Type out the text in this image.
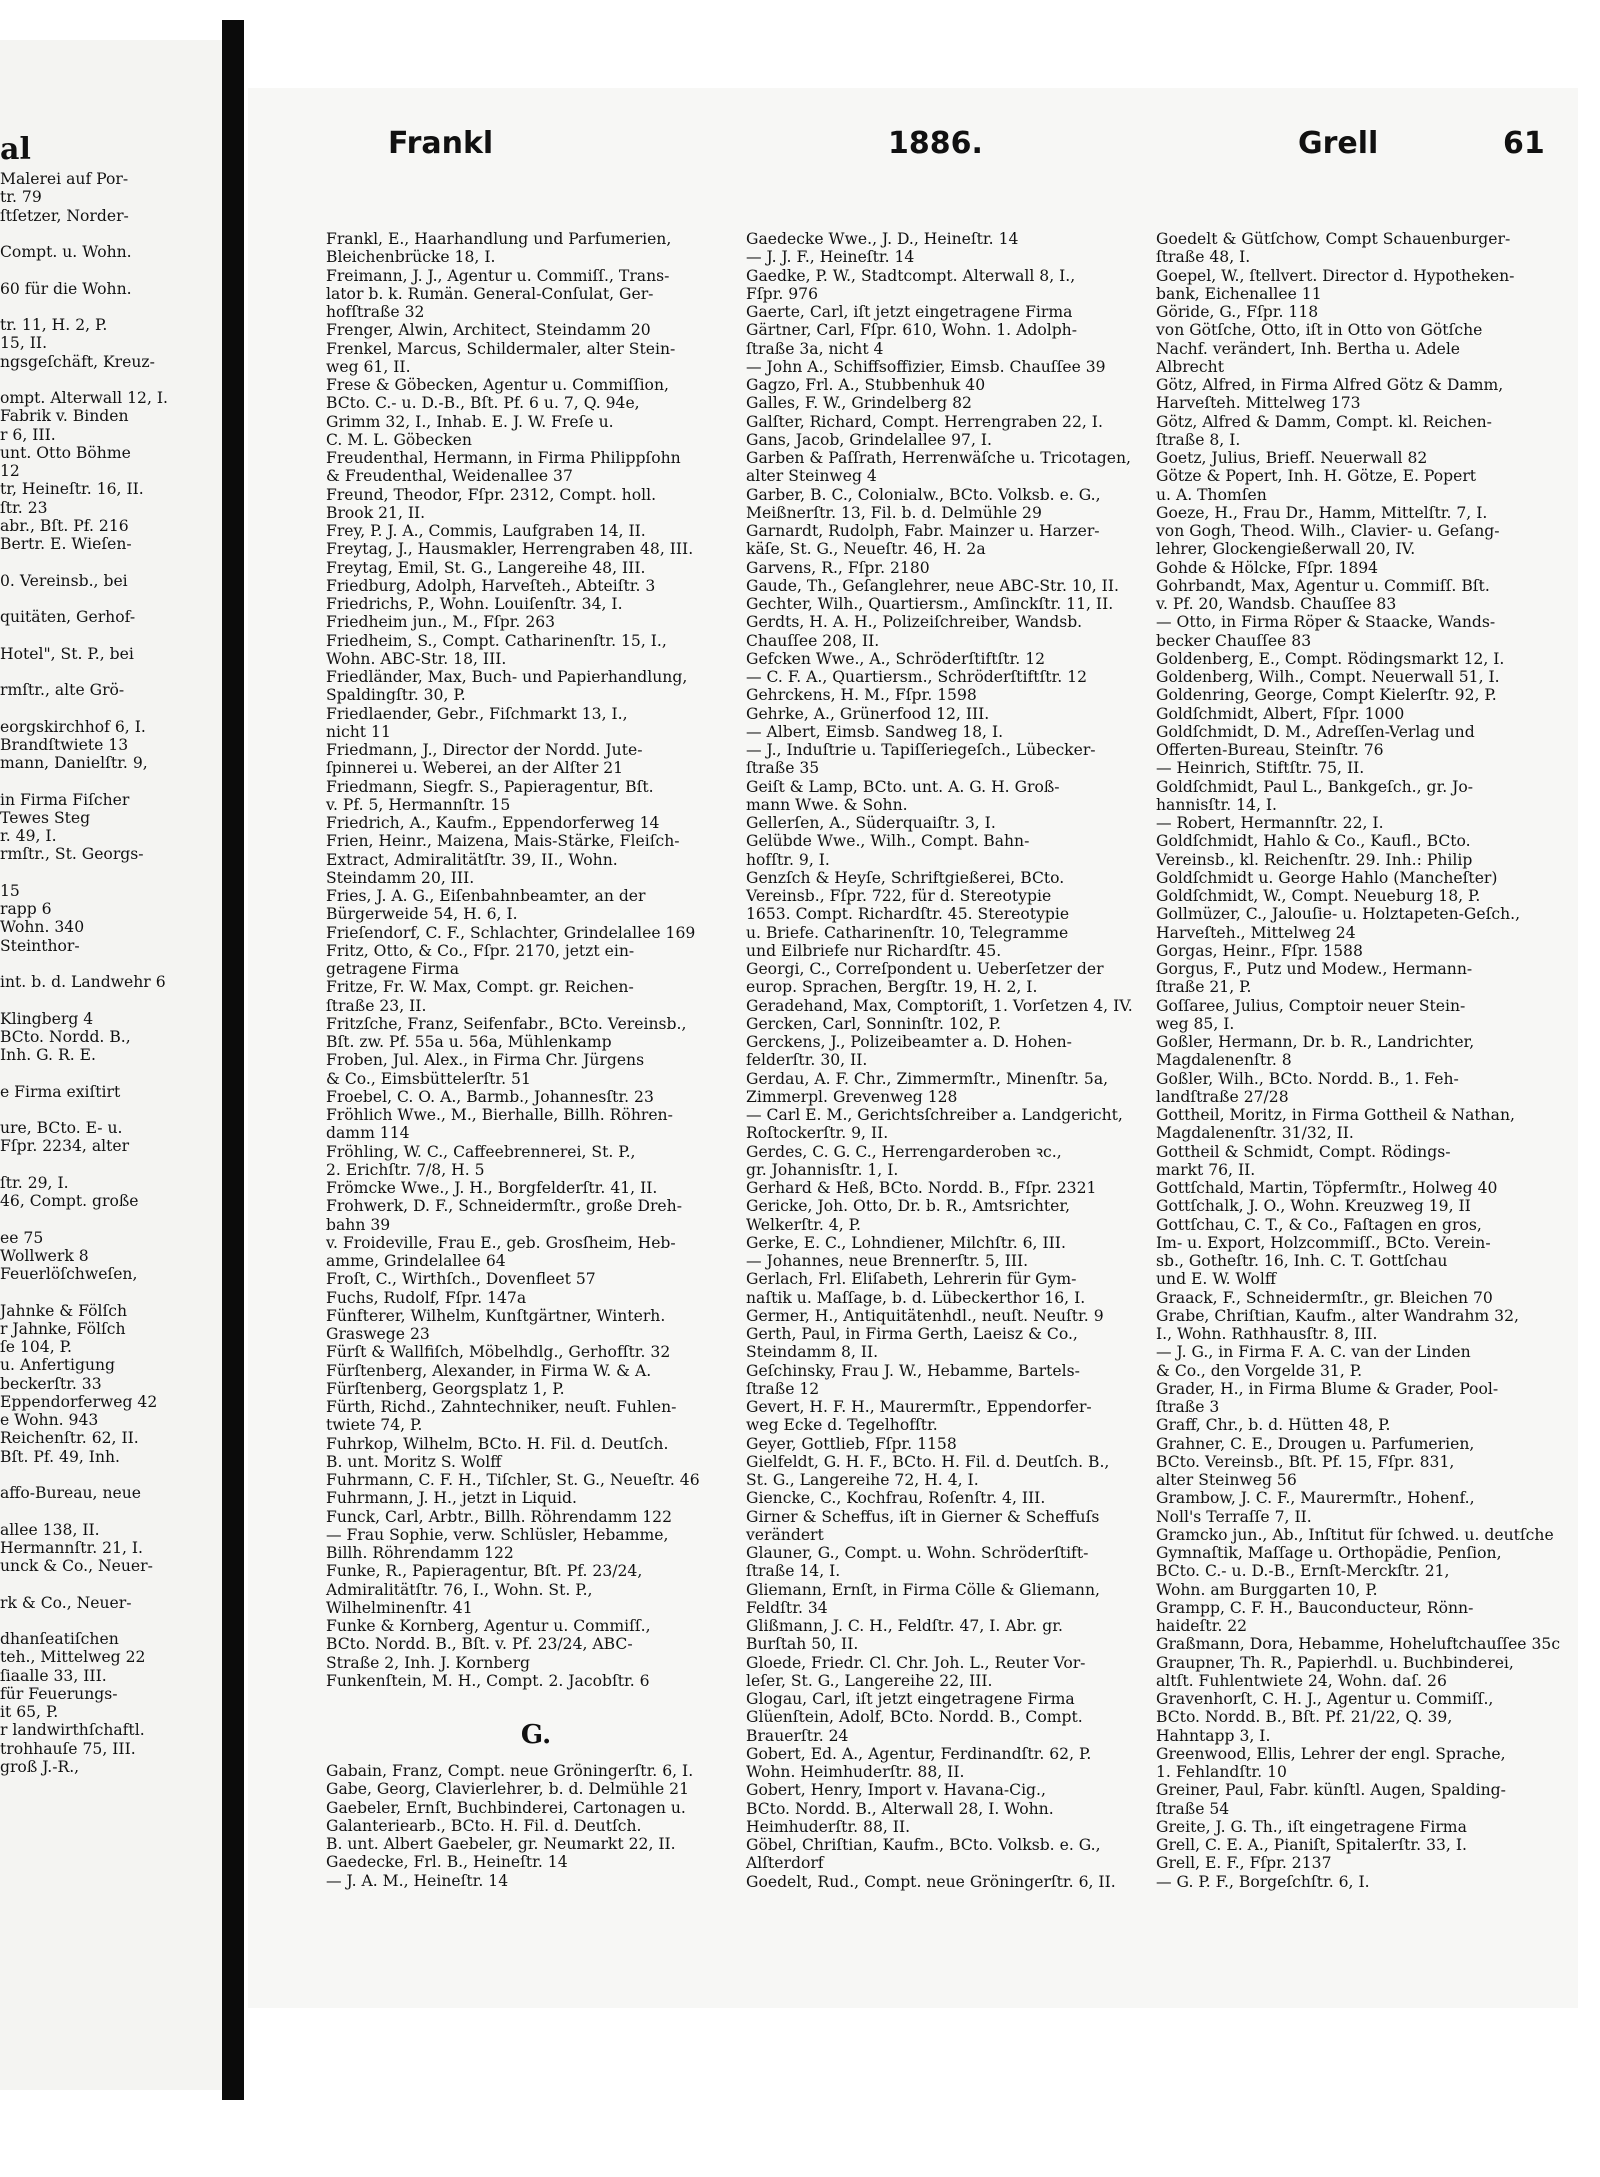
al
Malerei auf Por-
tr. 79
ſtſetzer, Norder-
Compt. u. Wohn.
60 für die Wohn.
tr. 11, H. 2, P.
15, II.
ngsgeſchäft, Kreuz-
ompt. Alterwall 12, I.
Fabrik v. Binden
r 6, III.
unt. Otto Böhme
12
tr, Heineſtr. 16, II.
ſtr. 23
abr., Bſt. Pf. 216
Bertr. E. Wieſen-
0. Vereinsb., bei
quitäten, Gerhof-
Hotel", St. P., bei
rmſtr., alte Grö-
eorgskirchhof 6, I.
Brandſtwiete 13
mann, Danielſtr. 9,
in Firma Fiſcher
Tewes Steg
r. 49, I.
rmſtr., St. Georgs-
15
rapp 6
Wohn. 340
Steinthor-
int. b. d. Landwehr 6
Klingberg 4
BCto. Nordd. B.,
Inh. G. R. E.
e Firma exiſtirt
ure, BCto. E- u.
Fſpr. 2234, alter
ſtr. 29, I.
46, Compt. große
ee 75
Wollwerk 8
Feuerlöſchweſen,
Jahnke & Fölſch
r Jahnke, Fölſch
ſe 104, P.
u. Anfertigung
beckerſtr. 33
Eppendorferweg 42
e Wohn. 943
Reichenſtr. 62, II.
Bſt. Pf. 49, Inh.
affo-Bureau, neue
allee 138, II.
Hermannſtr. 21, I.
unck & Co., Neuer-
rk & Co., Neuer-
dhanſeatiſchen
teh., Mittelweg 22
ſiaalle 33, III.
für Feuerungs-
it 65, P.
r landwirthſchaftl.
trohhauſe 75, III.
groß J.-R.,
Frankl	1886.	Grell	61
Frankl, E., Haarhandlung und Parfumerien,
Bleichenbrücke 18, I.
Freimann, J. J., Agentur u. Commiſſ., Trans-
lator b. k. Rumän. General-Conſulat, Ger-
hofſtraße 32
Frenger, Alwin, Architect, Steindamm 20
Frenkel, Marcus, Schildermaler, alter Stein-
weg 61, II.
Frese & Göbecken, Agentur u. Commiſſion,
BCto. C.- u. D.-B., Bſt. Pf. 6 u. 7, Q. 94e,
Grimm 32, I., Inhab. E. J. W. Freſe u.
C. M. L. Göbecken
Freudenthal, Hermann, in Firma Philippſohn
& Freudenthal, Weidenallee 37
Freund, Theodor, Fſpr. 2312, Compt. holl.
Brook 21, II.
Frey, P. J. A., Commis, Laufgraben 14, II.
Freytag, J., Hausmakler, Herrengraben 48, III.
Freytag, Emil, St. G., Langereihe 48, III.
Friedburg, Adolph, Harveſteh., Abteiſtr. 3
Friedrichs, P., Wohn. Louiſenſtr. 34, I.
Friedheim jun., M., Fſpr. 263
Friedheim, S., Compt. Catharinenſtr. 15, I.,
Wohn. ABC-Str. 18, III.
Friedländer, Max, Buch- und Papierhandlung,
Spaldingſtr. 30, P.
Friedlaender, Gebr., Fiſchmarkt 13, I.,
nicht 11
Friedmann, J., Director der Nordd. Jute-
ſpinnerei u. Weberei, an der Alſter 21
Friedmann, Siegfr. S., Papieragentur, Bſt.
v. Pf. 5, Hermannſtr. 15
Friedrich, A., Kaufm., Eppendorferweg 14
Frien, Heinr., Maizena, Mais-Stärke, Fleiſch-
Extract, Admiralitätſtr. 39, II., Wohn.
Steindamm 20, III.
Fries, J. A. G., Eiſenbahnbeamter, an der
Bürgerweide 54, H. 6, I.
Frieſendorf, C. F., Schlachter, Grindelallee 169
Fritz, Otto, & Co., Fſpr. 2170, jetzt ein-
getragene Firma
Fritze, Fr. W. Max, Compt. gr. Reichen-
ſtraße 23, II.
Fritzſche, Franz, Seifenfabr., BCto. Vereinsb.,
Bſt. zw. Pf. 55a u. 56a, Mühlenkamp
Froben, Jul. Alex., in Firma Chr. Jürgens
& Co., Eimsbüttelerſtr. 51
Froebel, C. O. A., Barmb., Johannesſtr. 23
Fröhlich Wwe., M., Bierhalle, Billh. Röhren-
damm 114
Fröhling, W. C., Caffeebrennerei, St. P.,
2. Erichſtr. 7/8, H. 5
Frömcke Wwe., J. H., Borgfelderſtr. 41, II.
Frohwerk, D. F., Schneidermſtr., große Dreh-
bahn 39
v. Froideville, Frau E., geb. Grosſheim, Heb-
amme, Grindelallee 64
Froſt, C., Wirthſch., Dovenfleet 57
Fuchs, Rudolf, Fſpr. 147a
Fünfterer, Wilhelm, Kunſtgärtner, Winterh.
Graswege 23
Fürſt & Wallfiſch, Möbelhdlg., Gerhofſtr. 32
Fürſtenberg, Alexander, in Firma W. & A.
Fürſtenberg, Georgsplatz 1, P.
Fürth, Richd., Zahntechniker, neuſt. Fuhlen-
twiete 74, P.
Fuhrkop, Wilhelm, BCto. H. Fil. d. Deutſch.
B. unt. Moritz S. Wolff
Fuhrmann, C. F. H., Tiſchler, St. G., Neueſtr. 46
Fuhrmann, J. H., jetzt in Liquid.
Funck, Carl, Arbtr., Billh. Röhrendamm 122
— Frau Sophie, verw. Schlüsler, Hebamme,
Billh. Röhrendamm 122
Funke, R., Papieragentur, Bſt. Pf. 23/24,
Admiralitätſtr. 76, I., Wohn. St. P.,
Wilhelminenſtr. 41
Funke & Kornberg, Agentur u. Commiſſ.,
BCto. Nordd. B., Bſt. v. Pf. 23/24, ABC-
Straße 2, Inh. J. Kornberg
Funkenſtein, M. H., Compt. 2. Jacobſtr. 6
G.
Gabain, Franz, Compt. neue Gröningerſtr. 6, I.
Gabe, Georg, Clavierlehrer, b. d. Delmühle 21
Gaebeler, Ernſt, Buchbinderei, Cartonagen u.
Galanteriearb., BCto. H. Fil. d. Deutſch.
B. unt. Albert Gaebeler, gr. Neumarkt 22, II.
Gaedecke, Frl. B., Heineſtr. 14
— J. A. M., Heineſtr. 14
Gaedecke Wwe., J. D., Heineſtr. 14
— J. J. F., Heineſtr. 14
Gaedke, P. W., Stadtcompt. Alterwall 8, I.,
Fſpr. 976
Gaerte, Carl, iſt jetzt eingetragene Firma
Gärtner, Carl, Fſpr. 610, Wohn. 1. Adolph-
ſtraße 3a, nicht 4
— John A., Schiffsoffizier, Eimsb. Chauſſee 39
Gagzo, Frl. A., Stubbenhuk 40
Galles, F. W., Grindelberg 82
Galſter, Richard, Compt. Herrengraben 22, I.
Gans, Jacob, Grindelallee 97, I.
Garben & Paſſrath, Herrenwäſche u. Tricotagen,
alter Steinweg 4
Garber, B. C., Colonialw., BCto. Volksb. e. G.,
Meißnerſtr. 13, Fil. b. d. Delmühle 29
Garnardt, Rudolph, Fabr. Mainzer u. Harzer-
käſe, St. G., Neueſtr. 46, H. 2a
Garvens, R., Fſpr. 2180
Gaude, Th., Geſanglehrer, neue ABC-Str. 10, II.
Gechter, Wilh., Quartiersm., Amſinckſtr. 11, II.
Gerdts, H. A. H., Polizeiſchreiber, Wandsb.
Chauſſee 208, II.
Gefcken Wwe., A., Schröderſtiftſtr. 12
— C. F. A., Quartiersm., Schröderſtiftſtr. 12
Gehrckens, H. M., Fſpr. 1598
Gehrke, A., Grünerfood 12, III.
— Albert, Eimsb. Sandweg 18, I.
— J., Induſtrie u. Tapiſſeriegeſch., Lübecker-
ſtraße 35
Geiſt & Lamp, BCto. unt. A. G. H. Groß-
mann Wwe. & Sohn.
Gellerſen, A., Süderquaiſtr. 3, I.
Gelübde Wwe., Wilh., Compt. Bahn-
hofſtr. 9, I.
Genzſch & Heyſe, Schriftgießerei, BCto.
Vereinsb., Fſpr. 722, für d. Stereotypie
1653. Compt. Richardſtr. 45. Stereotypie
u. Briefe. Catharinenſtr. 10, Telegramme
und Eilbriefe nur Richardſtr. 45.
Georgi, C., Correſpondent u. Ueberſetzer der
europ. Sprachen, Bergſtr. 19, H. 2, I.
Geradehand, Max, Comptoriſt, 1. Vorſetzen 4, IV.
Gercken, Carl, Sonninſtr. 102, P.
Gerckens, J., Polizeibeamter a. D. Hohen-
felderſtr. 30, II.
Gerdau, A. F. Chr., Zimmermſtr., Minenſtr. 5a,
Zimmerpl. Grevenweg 128
— Carl E. M., Gerichtsſchreiber a. Landgericht,
Roſtockerſtr. 9, II.
Gerdes, C. G. C., Herrengarderoben ꝛc.,
gr. Johannisſtr. 1, I.
Gerhard & Heß, BCto. Nordd. B., Fſpr. 2321
Gericke, Joh. Otto, Dr. b. R., Amtsrichter,
Welkerſtr. 4, P.
Gerke, E. C., Lohndiener, Milchſtr. 6, III.
— Johannes, neue Brennerſtr. 5, III.
Gerlach, Frl. Eliſabeth, Lehrerin für Gym-
naſtik u. Maſſage, b. d. Lübeckerthor 16, I.
Germer, H., Antiquitätenhdl., neuſt. Neuſtr. 9
Gerth, Paul, in Firma Gerth, Laeisz & Co.,
Steindamm 8, II.
Geſchinsky, Frau J. W., Hebamme, Bartels-
ſtraße 12
Gevert, H. F. H., Maurermſtr., Eppendorfer-
weg Ecke d. Tegelhofſtr.
Geyer, Gottlieb, Fſpr. 1158
Gielfeldt, G. H. F., BCto. H. Fil. d. Deutſch. B.,
St. G., Langereihe 72, H. 4, I.
Giencke, C., Kochfrau, Roſenſtr. 4, III.
Girner & Scheffus, iſt in Gierner & Scheffuſs
verändert
Glauner, G., Compt. u. Wohn. Schröderſtift-
ſtraße 14, I.
Gliemann, Ernſt, in Firma Cölle & Gliemann,
Feldſtr. 34
Glißmann, J. C. H., Feldſtr. 47, I. Abr. gr.
Burſtah 50, II.
Gloede, Friedr. Cl. Chr. Joh. L., Reuter Vor-
leſer, St. G., Langereihe 22, III.
Glogau, Carl, iſt jetzt eingetragene Firma
Glüenſtein, Adolf, BCto. Nordd. B., Compt.
Brauerſtr. 24
Gobert, Ed. A., Agentur, Ferdinandſtr. 62, P.
Wohn. Heimhuderſtr. 88, II.
Gobert, Henry, Import v. Havana-Cig.,
BCto. Nordd. B., Alterwall 28, I. Wohn.
Heimhuderſtr. 88, II.
Göbel, Chriſtian, Kaufm., BCto. Volksb. e. G.,
Alſterdorf
Goedelt, Rud., Compt. neue Gröningerſtr. 6, II.
Goedelt & Gütſchow, Compt Schauenburger-
ſtraße 48, I.
Goepel, W., ſtellvert. Director d. Hypotheken-
bank, Eichenallee 11
Göride, G., Fſpr. 118
von Götſche, Otto, iſt in Otto von Götſche
Nachf. verändert, Inh. Bertha u. Adele
Albrecht
Götz, Alfred, in Firma Alfred Götz & Damm,
Harveſteh. Mittelweg 173
Götz, Alfred & Damm, Compt. kl. Reichen-
ſtraße 8, I.
Goetz, Julius, Briefſ. Neuerwall 82
Götze & Popert, Inh. H. Götze, E. Popert
u. A. Thomſen
Goeze, H., Frau Dr., Hamm, Mittelſtr. 7, I.
von Gogh, Theod. Wilh., Clavier- u. Geſang-
lehrer, Glockengießerwall 20, IV.
Gohde & Hölcke, Fſpr. 1894
Gohrbandt, Max, Agentur u. Commiſſ. Bſt.
v. Pf. 20, Wandsb. Chauſſee 83
— Otto, in Firma Röper & Staacke, Wands-
becker Chauſſee 83
Goldenberg, E., Compt. Rödingsmarkt 12, I.
Goldenberg, Wilh., Compt. Neuerwall 51, I.
Goldenring, George, Compt Kielerſtr. 92, P.
Goldſchmidt, Albert, Fſpr. 1000
Goldſchmidt, D. M., Adreſſen-Verlag und
Offerten-Bureau, Steinſtr. 76
— Heinrich, Stiftſtr. 75, II.
Goldſchmidt, Paul L., Bankgeſch., gr. Jo-
hannisſtr. 14, I.
— Robert, Hermannſtr. 22, I.
Goldſchmidt, Hahlo & Co., Kaufl., BCto.
Vereinsb., kl. Reichenſtr. 29. Inh.: Philip
Goldſchmidt u. George Hahlo (Mancheſter)
Goldſchmidt, W., Compt. Neueburg 18, P.
Gollmüzer, C., Jalouſie- u. Holztapeten-Geſch.,
Harveſteh., Mittelweg 24
Gorgas, Heinr., Fſpr. 1588
Gorgus, F., Putz und Modew., Hermann-
ſtraße 21, P.
Goſſaree, Julius, Comptoir neuer Stein-
weg 85, I.
Goßler, Hermann, Dr. b. R., Landrichter,
Magdalenenſtr. 8
Goßler, Wilh., BCto. Nordd. B., 1. Feh-
landſtraße 27/28
Gottheil, Moritz, in Firma Gottheil & Nathan,
Magdalenenſtr. 31/32, II.
Gottheil & Schmidt, Compt. Rödings-
markt 76, II.
Gottſchald, Martin, Töpfermſtr., Holweg 40
Gottſchalk, J. O., Wohn. Kreuzweg 19, II
Gottſchau, C. T., & Co., Faſtagen en gros,
Im- u. Export, Holzcommiſſ., BCto. Verein-
sb., Gotheſtr. 16, Inh. C. T. Gottſchau
und E. W. Wolff
Graack, F., Schneidermſtr., gr. Bleichen 70
Grabe, Chriſtian, Kaufm., alter Wandrahm 32,
I., Wohn. Rathhausſtr. 8, III.
— J. G., in Firma F. A. C. van der Linden
& Co., den Vorgelde 31, P.
Grader, H., in Firma Blume & Grader, Pool-
ſtraße 3
Graff, Chr., b. d. Hütten 48, P.
Grahner, C. E., Drougen u. Parfumerien,
BCto. Vereinsb., Bſt. Pf. 15, Fſpr. 831,
alter Steinweg 56
Grambow, J. C. F., Maurermſtr., Hohenf.,
Noll's Terraſſe 7, II.
Gramcko jun., Ab., Inſtitut für ſchwed. u. deutſche
Gymnaſtik, Maſſage u. Orthopädie, Penſion,
BCto. C.- u. D.-B., Ernſt-Merckſtr. 21,
Wohn. am Burggarten 10, P.
Grampp, C. F. H., Bauconducteur, Rönn-
haideſtr. 22
Graßmann, Dora, Hebamme, Hoheluftchauſſee 35c
Graupner, Th. R., Papierhdl. u. Buchbinderei,
altſt. Fuhlentwiete 24, Wohn. daſ. 26
Gravenhorſt, C. H. J., Agentur u. Commiſſ.,
BCto. Nordd. B., Bſt. Pf. 21/22, Q. 39,
Hahntapp 3, I.
Greenwood, Ellis, Lehrer der engl. Sprache,
1. Fehlandſtr. 10
Greiner, Paul, Fabr. künſtl. Augen, Spalding-
ſtraße 54
Greite, J. G. Th., iſt eingetragene Firma
Grell, C. E. A., Pianiſt, Spitalerſtr. 33, I.
Grell, E. F., Fſpr. 2137
— G. P. F., Borgeſchſtr. 6, I.
